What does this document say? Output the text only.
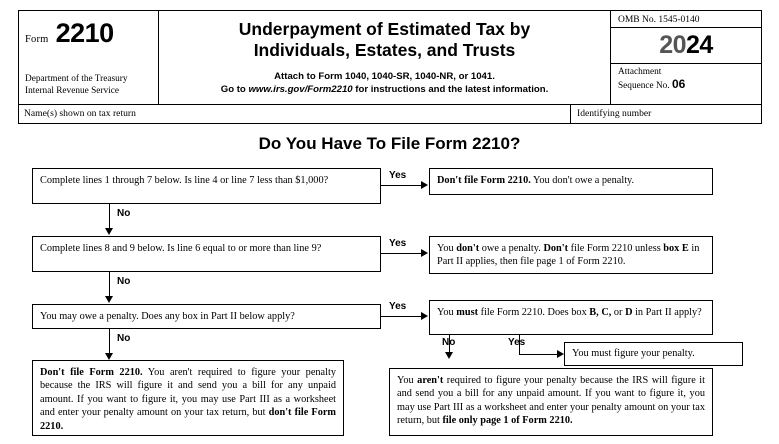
Form 2210
Department of the Treasury
Internal Revenue Service
Underpayment of Estimated Tax by
Individuals, Estates, and Trusts
Attach to Form 1040, 1040-SR, 1040-NR, or 1041.
Go to www.irs.gov/Form2210 for instructions and the latest information.
OMB No. 1545-0140
2024
Attachment
Sequence No. 06
Name(s) shown on tax return	Identifying number
Do You Have To File Form 2210?
Complete lines 1 through 7 below. Is line 4 or line 7 less than $1,000?	Yes	Don't file Form 2210. You don't owe a penalty.
No
Complete lines 8 and 9 below. Is line 6 equal to or more than line 9?	Yes	You don't owe a penalty. Don't file Form 2210 unless box E in Part II applies, then file page 1 of Form 2210.
No
You may owe a penalty. Does any box in Part II below apply?
Yes
You must file Form 2210. Does box B, C, or D in Part II apply?
No	Yes
You must figure your penalty.
No
Don't file Form 2210. You aren't required to figure your penalty because the IRS will figure it and send you a bill for any unpaid amount. If you want to figure it, you may use Part III as a worksheet and enter your penalty amount on your tax return, but don't file Form 2210.
You aren't required to figure your penalty because the IRS will figure it and send you a bill for any unpaid amount. If you want to figure it, you may use Part III as a worksheet and enter your penalty amount on your tax return, but file only page 1 of Form 2210.
